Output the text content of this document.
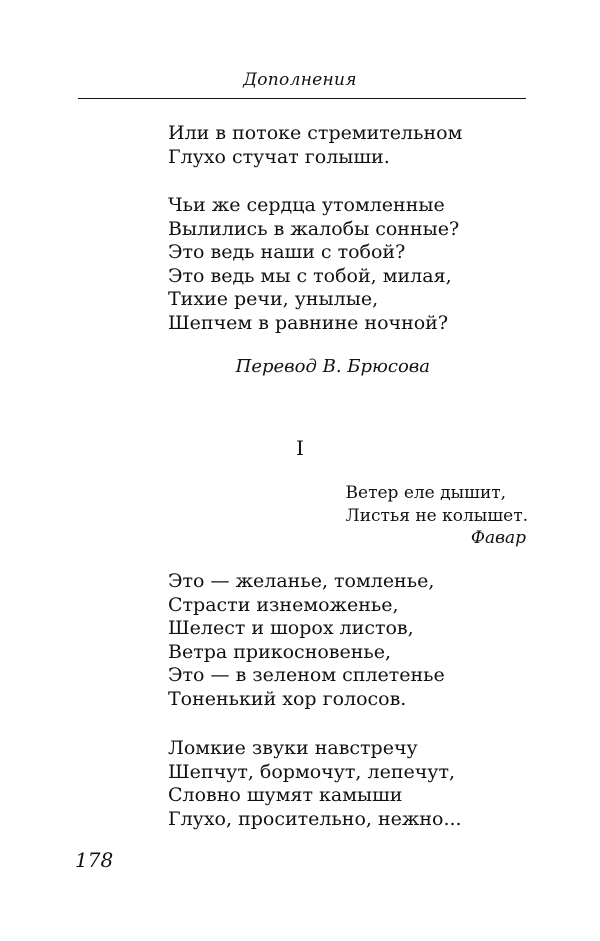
Дополнения
Или в потоке стремительном
Глухо стучат голыши.
Чьи же сердца утомленные
Вылились в жалобы сонные?
Это ведь наши с тобой?
Это ведь мы с тобой, милая,
Тихие речи, унылые,
Шепчем в равнине ночной?
Перевод В. Брюсова
I
Ветер еле дышит,
Листья не колышет.
Фавар
Это — желанье, томленье,
Страсти изнеможенье,
Шелест и шорох листов,
Ветра прикосновенье,
Это — в зеленом сплетенье
Тоненький хор голосов.
Ломкие звуки навстречу
Шепчут, бормочут, лепечут,
Словно шумят камыши
Глухо, просительно, нежно...
178
